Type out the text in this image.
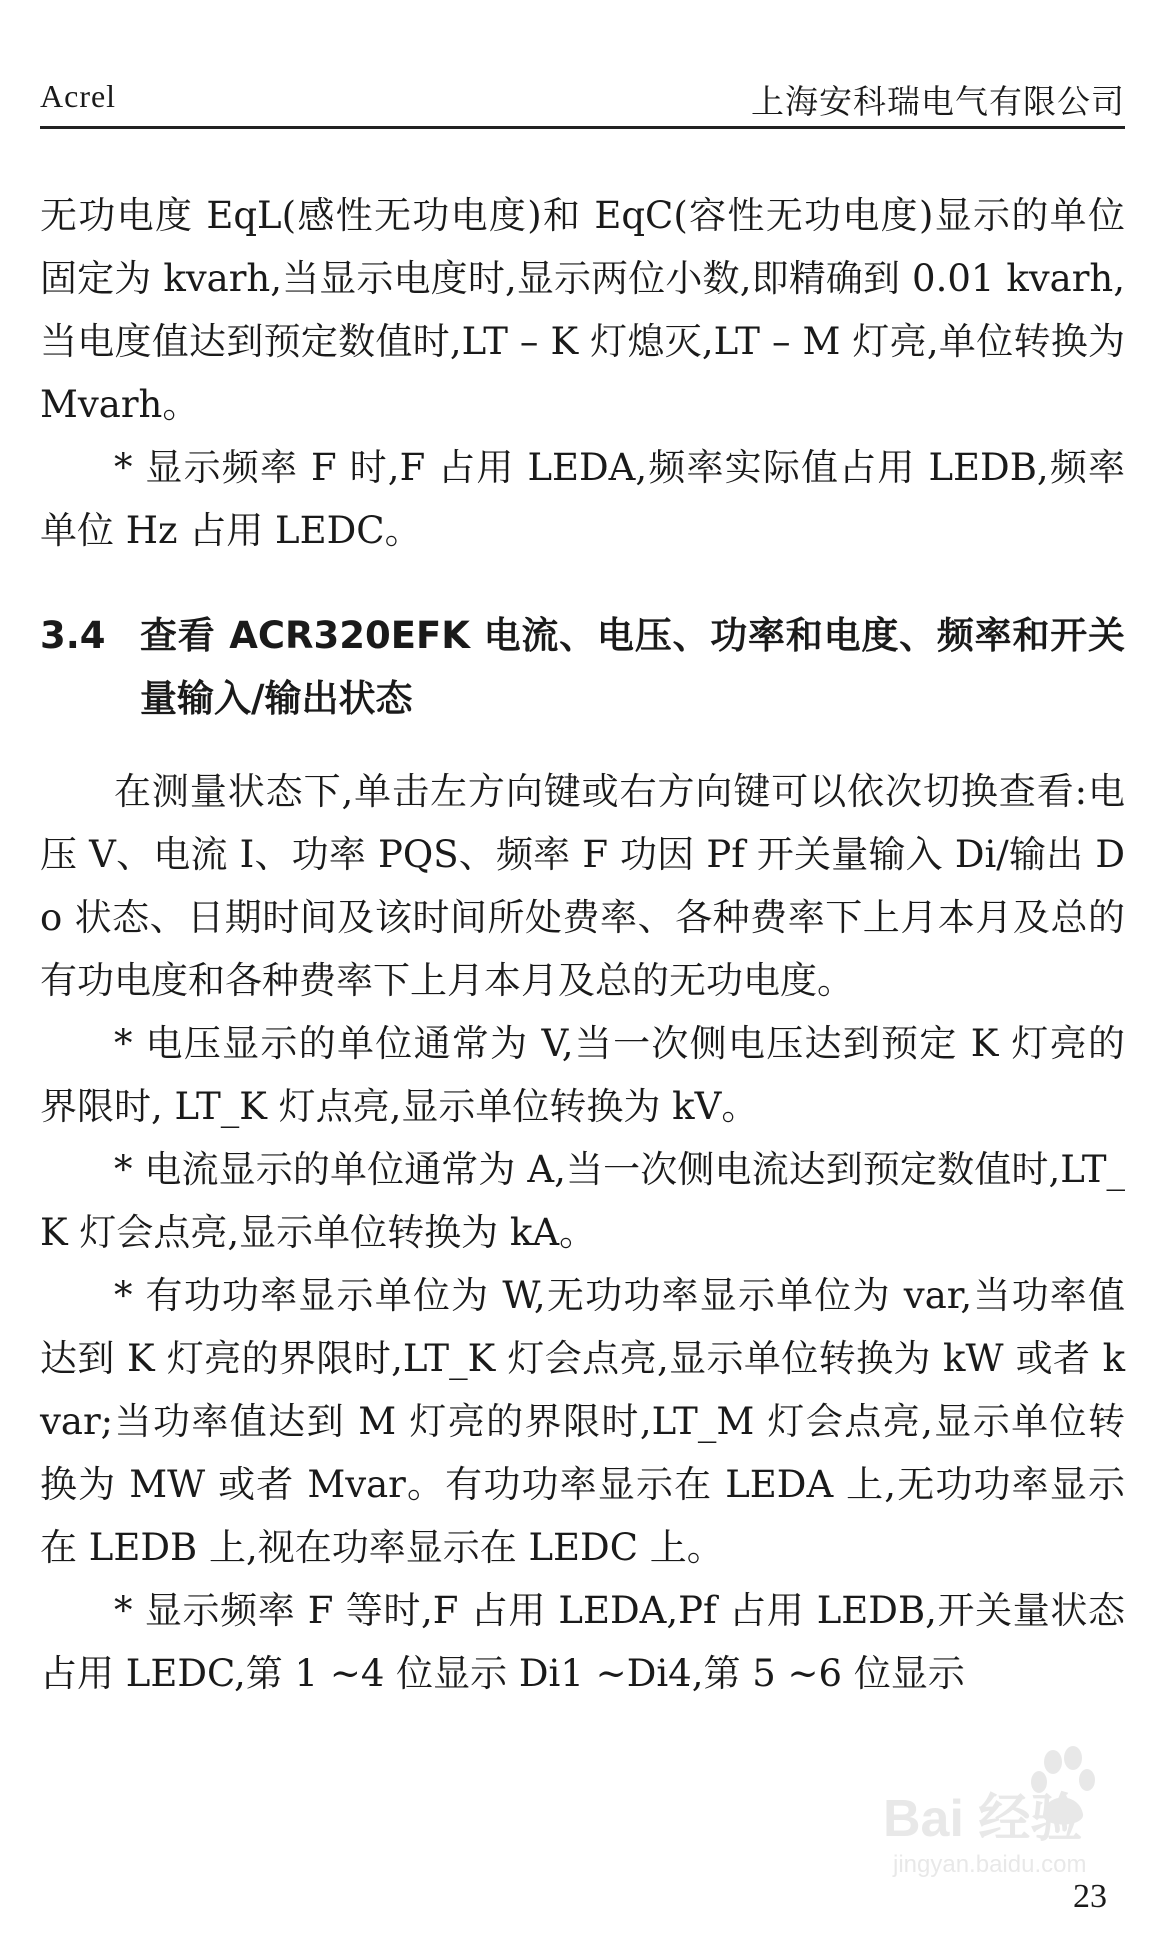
Acrel	上海安科瑞电气有限公司

无功电度 EqL(感性无功电度)和 EqC(容性无功电度)显示的单位固定为 kvarh,当显示电度时,显示两位小数,即精确到 0.01 kvarh,当电度值达到预定数值时,LT – K 灯熄灭,LT – M 灯亮,单位转换为 Mvarh。

* 显示频率 F 时,F 占用 LEDA,频率实际值占用 LEDB,频率单位 Hz 占用 LEDC。

3.4 查看 ACR320EFK 电流、电压、功率和电度、频率和开关量输入/输出状态

在测量状态下,单击左方向键或右方向键可以依次切换查看:电压 V、电流 I、功率 PQS、频率 F 功因 Pf 开关量输入 Di/输出 Do 状态、日期时间及该时间所处费率、各种费率下上月本月及总的有功电度和各种费率下上月本月及总的无功电度。

* 电压显示的单位通常为 V,当一次侧电压达到预定 K 灯亮的界限时, LT_K 灯点亮,显示单位转换为 kV。

* 电流显示的单位通常为 A,当一次侧电流达到预定数值时,LT_K 灯会点亮,显示单位转换为 kA。

* 有功功率显示单位为 W,无功功率显示单位为 var,当功率值达到 K 灯亮的界限时,LT_K 灯会点亮,显示单位转换为 kW 或者 kvar;当功率值达到 M 灯亮的界限时,LT_M 灯会点亮,显示单位转换为 MW 或者 Mvar。有功功率显示在 LEDA 上,无功功率显示在 LEDB 上,视在功率显示在 LEDC 上。

* 显示频率 F 等时,F 占用 LEDA,Pf 占用 LEDB,开关量状态占用 LEDC,第 1 ~4 位显示 Di1 ~Di4,第 5 ~6 位显示

Bai 经验
jingyan.baidu.com
23
